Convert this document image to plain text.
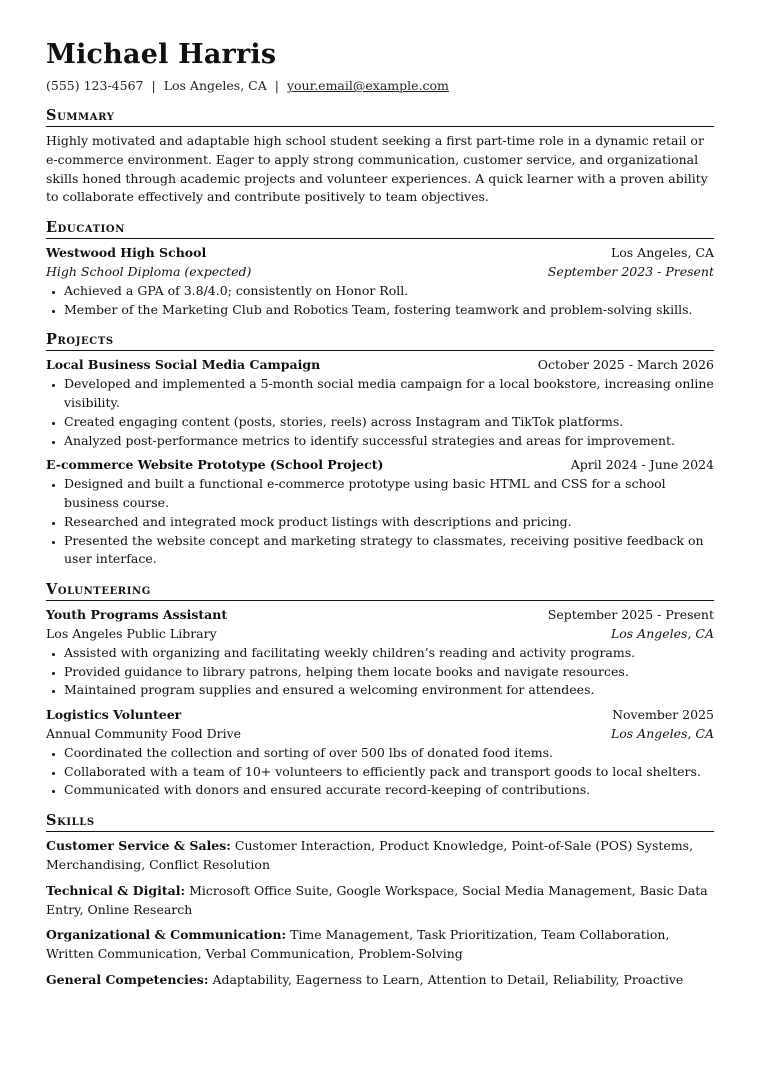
Michael Harris
(555) 123-4567 | Los Angeles, CA | your.email@example.com
Summary

Highly motivated and adaptable high school student seeking a first part-time role in a dynamic retail or e-commerce environment. Eager to apply strong communication, customer service, and organizational skills honed through academic projects and volunteer experiences. A quick learner with a proven ability to collaborate effectively and contribute positively to team objectives.

Education
Westwood High School	Los Angeles, CA
High School Diploma (expected)	September 2023 - Present
• Achieved a GPA of 3.8/4.0; consistently on Honor Roll.
• Member of the Marketing Club and Robotics Team, fostering teamwork and problem-solving skills.
Projects
Local Business Social Media Campaign	October 2025 - March 2026
• Developed and implemented a 5-month social media campaign for a local bookstore, increasing online visibility.
• Created engaging content (posts, stories, reels) across Instagram and TikTok platforms.
• Analyzed post-performance metrics to identify successful strategies and areas for improvement.
E-commerce Website Prototype (School Project)	April 2024 - June 2024
• Designed and built a functional e-commerce prototype using basic HTML and CSS for a school business course.
• Researched and integrated mock product listings with descriptions and pricing.
• Presented the website concept and marketing strategy to classmates, receiving positive feedback on user interface.
Volunteering
Youth Programs Assistant	September 2025 - Present
Los Angeles Public Library	Los Angeles, CA
• Assisted with organizing and facilitating weekly children’s reading and activity programs.
• Provided guidance to library patrons, helping them locate books and navigate resources.
• Maintained program supplies and ensured a welcoming environment for attendees.
Logistics Volunteer	November 2025
Annual Community Food Drive	Los Angeles, CA
• Coordinated the collection and sorting of over 500 lbs of donated food items.
• Collaborated with a team of 10+ volunteers to efficiently pack and transport goods to local shelters.
• Communicated with donors and ensured accurate record-keeping of contributions.
Skills

Customer Service & Sales: Customer Interaction, Product Knowledge, Point-of-Sale (POS) Systems, Merchandising, Conflict Resolution

Technical & Digital: Microsoft Office Suite, Google Workspace, Social Media Management, Basic Data Entry, Online Research

Organizational & Communication: Time Management, Task Prioritization, Team Collaboration, Written Communication, Verbal Communication, Problem-Solving

General Competencies: Adaptability, Eagerness to Learn, Attention to Detail, Reliability, Proactive
